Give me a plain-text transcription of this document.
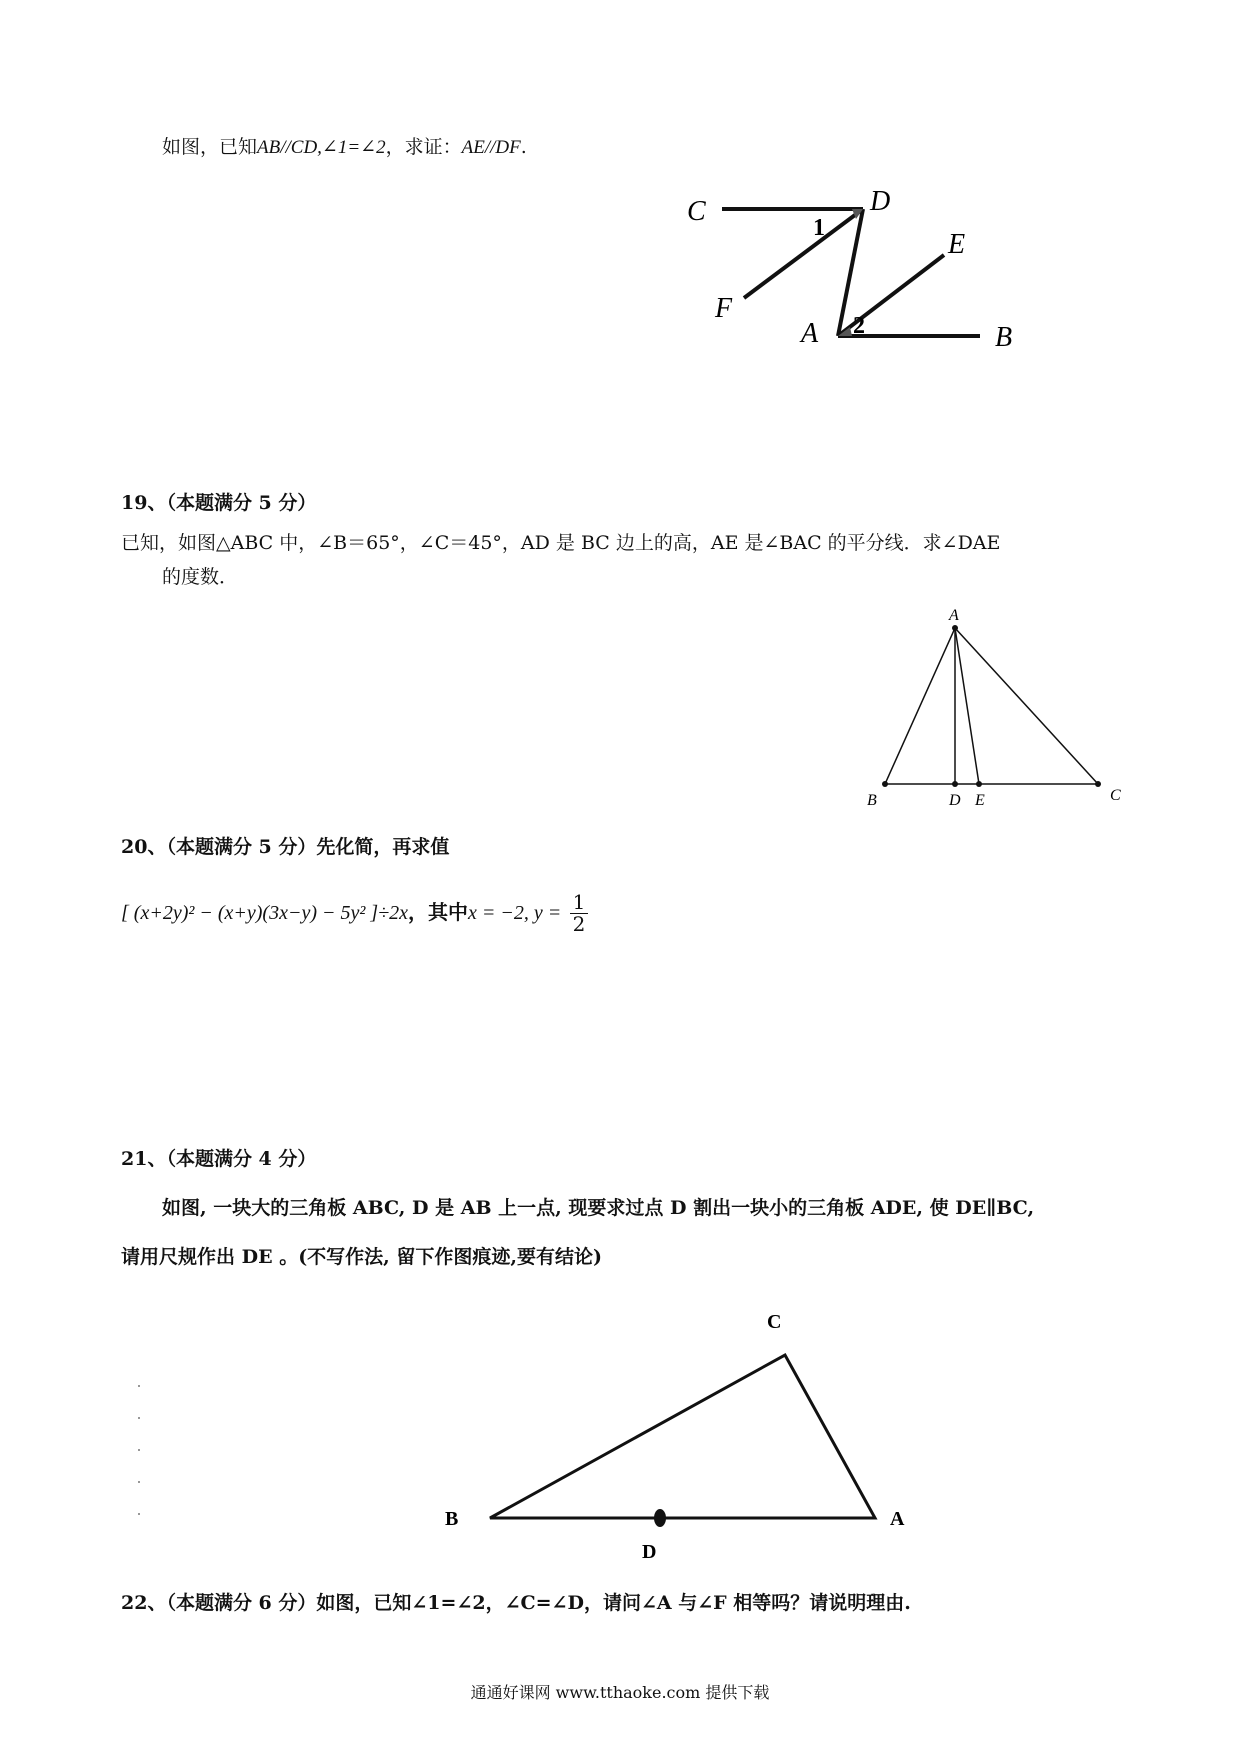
如图，已知AB//CD,∠1=∠2，求证：AE//DF.
C	D
E
F
A	B
1
2
19、（本题满分 5 分）
已知，如图△ABC 中，∠B＝65°，∠C＝45°，AD 是 BC 边上的高，AE 是∠BAC 的平分线．求∠DAE
的度数．
A
B	D E	C
20、（本题满分 5 分）先化简，再求值
[ (x+2y)² − (x+y)(3x−y) − 5y² ]÷2x，其中x = −2, $y = \frac{1}{2}$
21、（本题满分 4 分）
如图, 一块大的三角板 ABC, D 是 AB 上一点, 现要求过点 D 割出一块小的三角板 ADE, 使 DE∥BC,
请用尺规作出 DE 。(不写作法, 留下作图痕迹,要有结论)
C
B	A
D
22、（本题满分 6 分）如图，已知∠1=∠2，∠C=∠D，请问∠A 与∠F 相等吗？请说明理由.
通通好课网 www.tthaoke.com 提供下载
